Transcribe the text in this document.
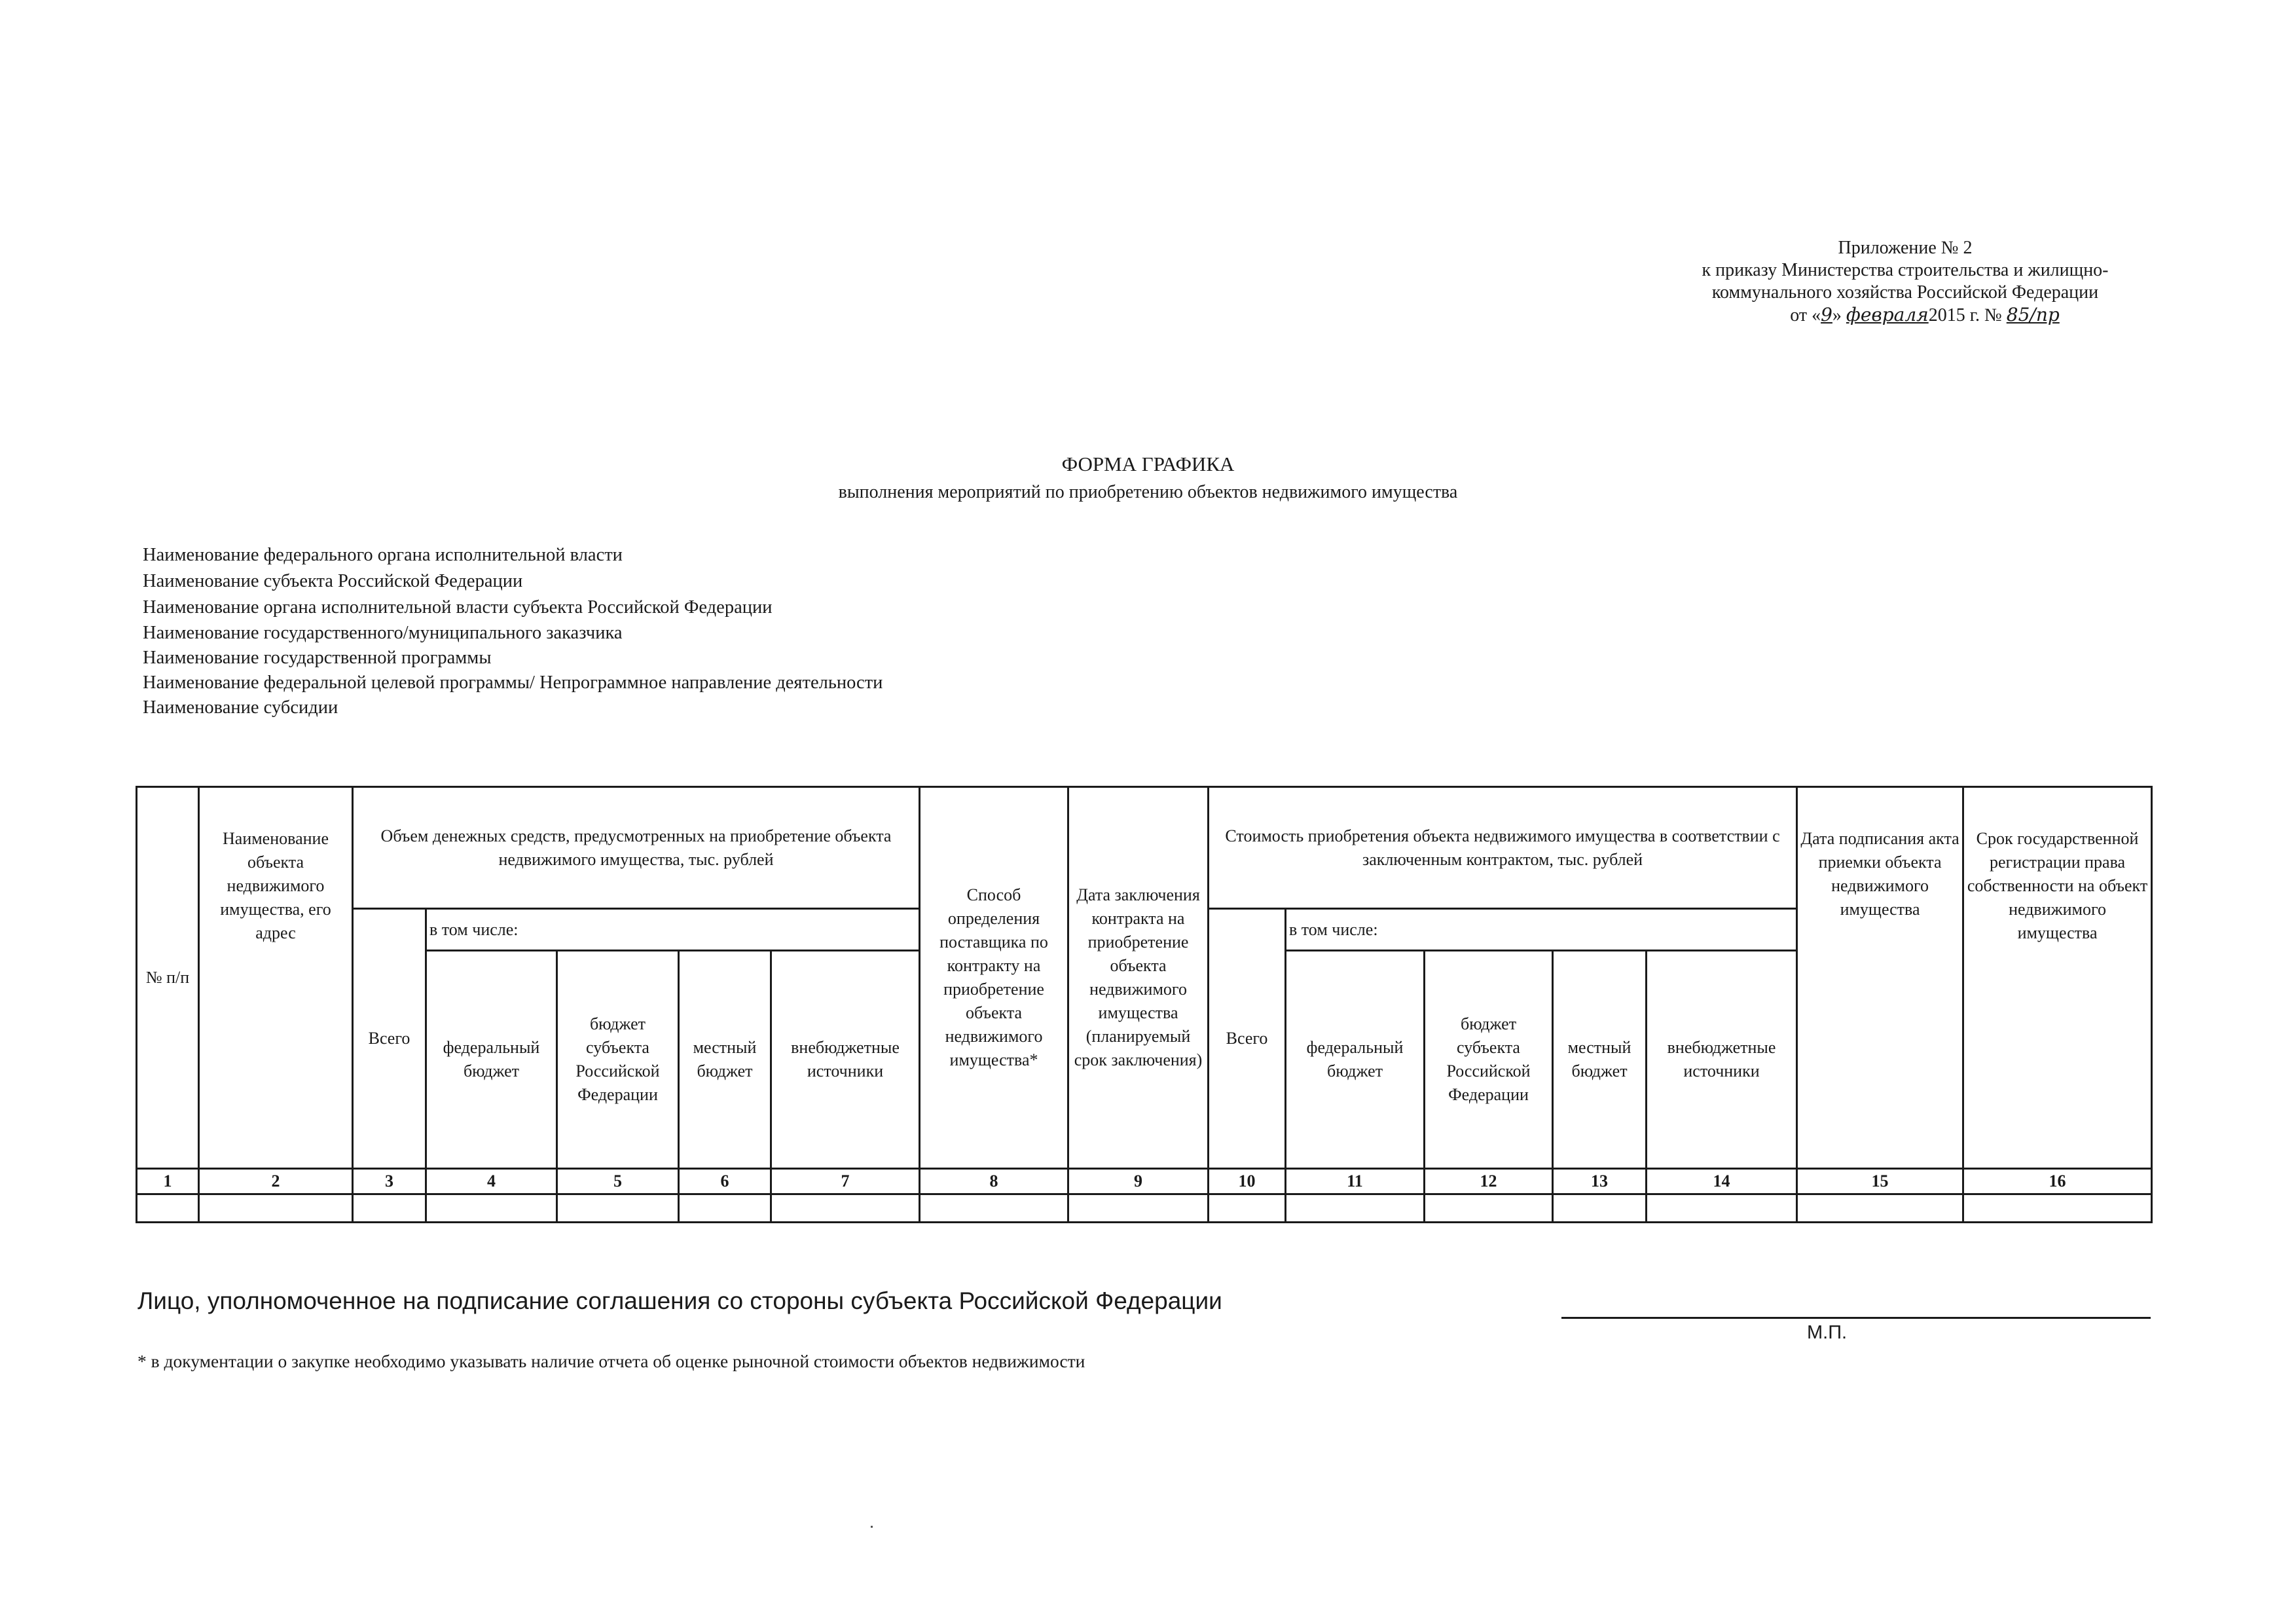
Приложение № 2
к приказу Министерства строительства и жилищно-
коммунального хозяйства Российской Федерации
от «9» февраля2015 г. № 85/пр
ФОРМА ГРАФИКА
выполнения мероприятий по приобретению объектов недвижимого имущества
Наименование федерального органа исполнительной власти
Наименование субъекта Российской Федерации
Наименование органа исполнительной власти субъекта Российской Федерации
Наименование государственного/муниципального заказчика
Наименование государственной программы
Наименование федеральной целевой программы/ Непрограммное направление деятельности
Наименование субсидии
№ п/п	Наименование объекта недвижимого имущества, его адрес	Объем денежных средств, предусмотренных на приобретение объекта недвижимого имущества, тыс. рублей					Способ определения поставщика по контракту на приобретение объекта недвижимого имущества*	Дата заключения контракта на приобретение объекта недвижимого имущества (планируемый срок заключения)	Стоимость приобретения объекта недвижимого имущества в соответствии с заключенным контрактом, тыс. рублей					Дата подписания акта приемки объекта недвижимого имущества	Срок государственной регистрации права собственности на объект недвижимого имущества
		Всего	в том числе:						Всего	в том числе:					
			федеральный бюджет	бюджет субъекта Российской Федерации	местный бюджет	внебюджетные источники				федеральный бюджет	бюджет субъекта Российской Федерации	местный бюджет	внебюджетные источники		
1	2	3	4	5	6	7	8	9	10	11	12	13	14	15	16

Лицо, уполномоченное на подписание соглашения со стороны субъекта Российской Федерации
М.П.
* в документации о закупке необходимо указывать наличие отчета об оценке рыночной стоимости объектов недвижимости
